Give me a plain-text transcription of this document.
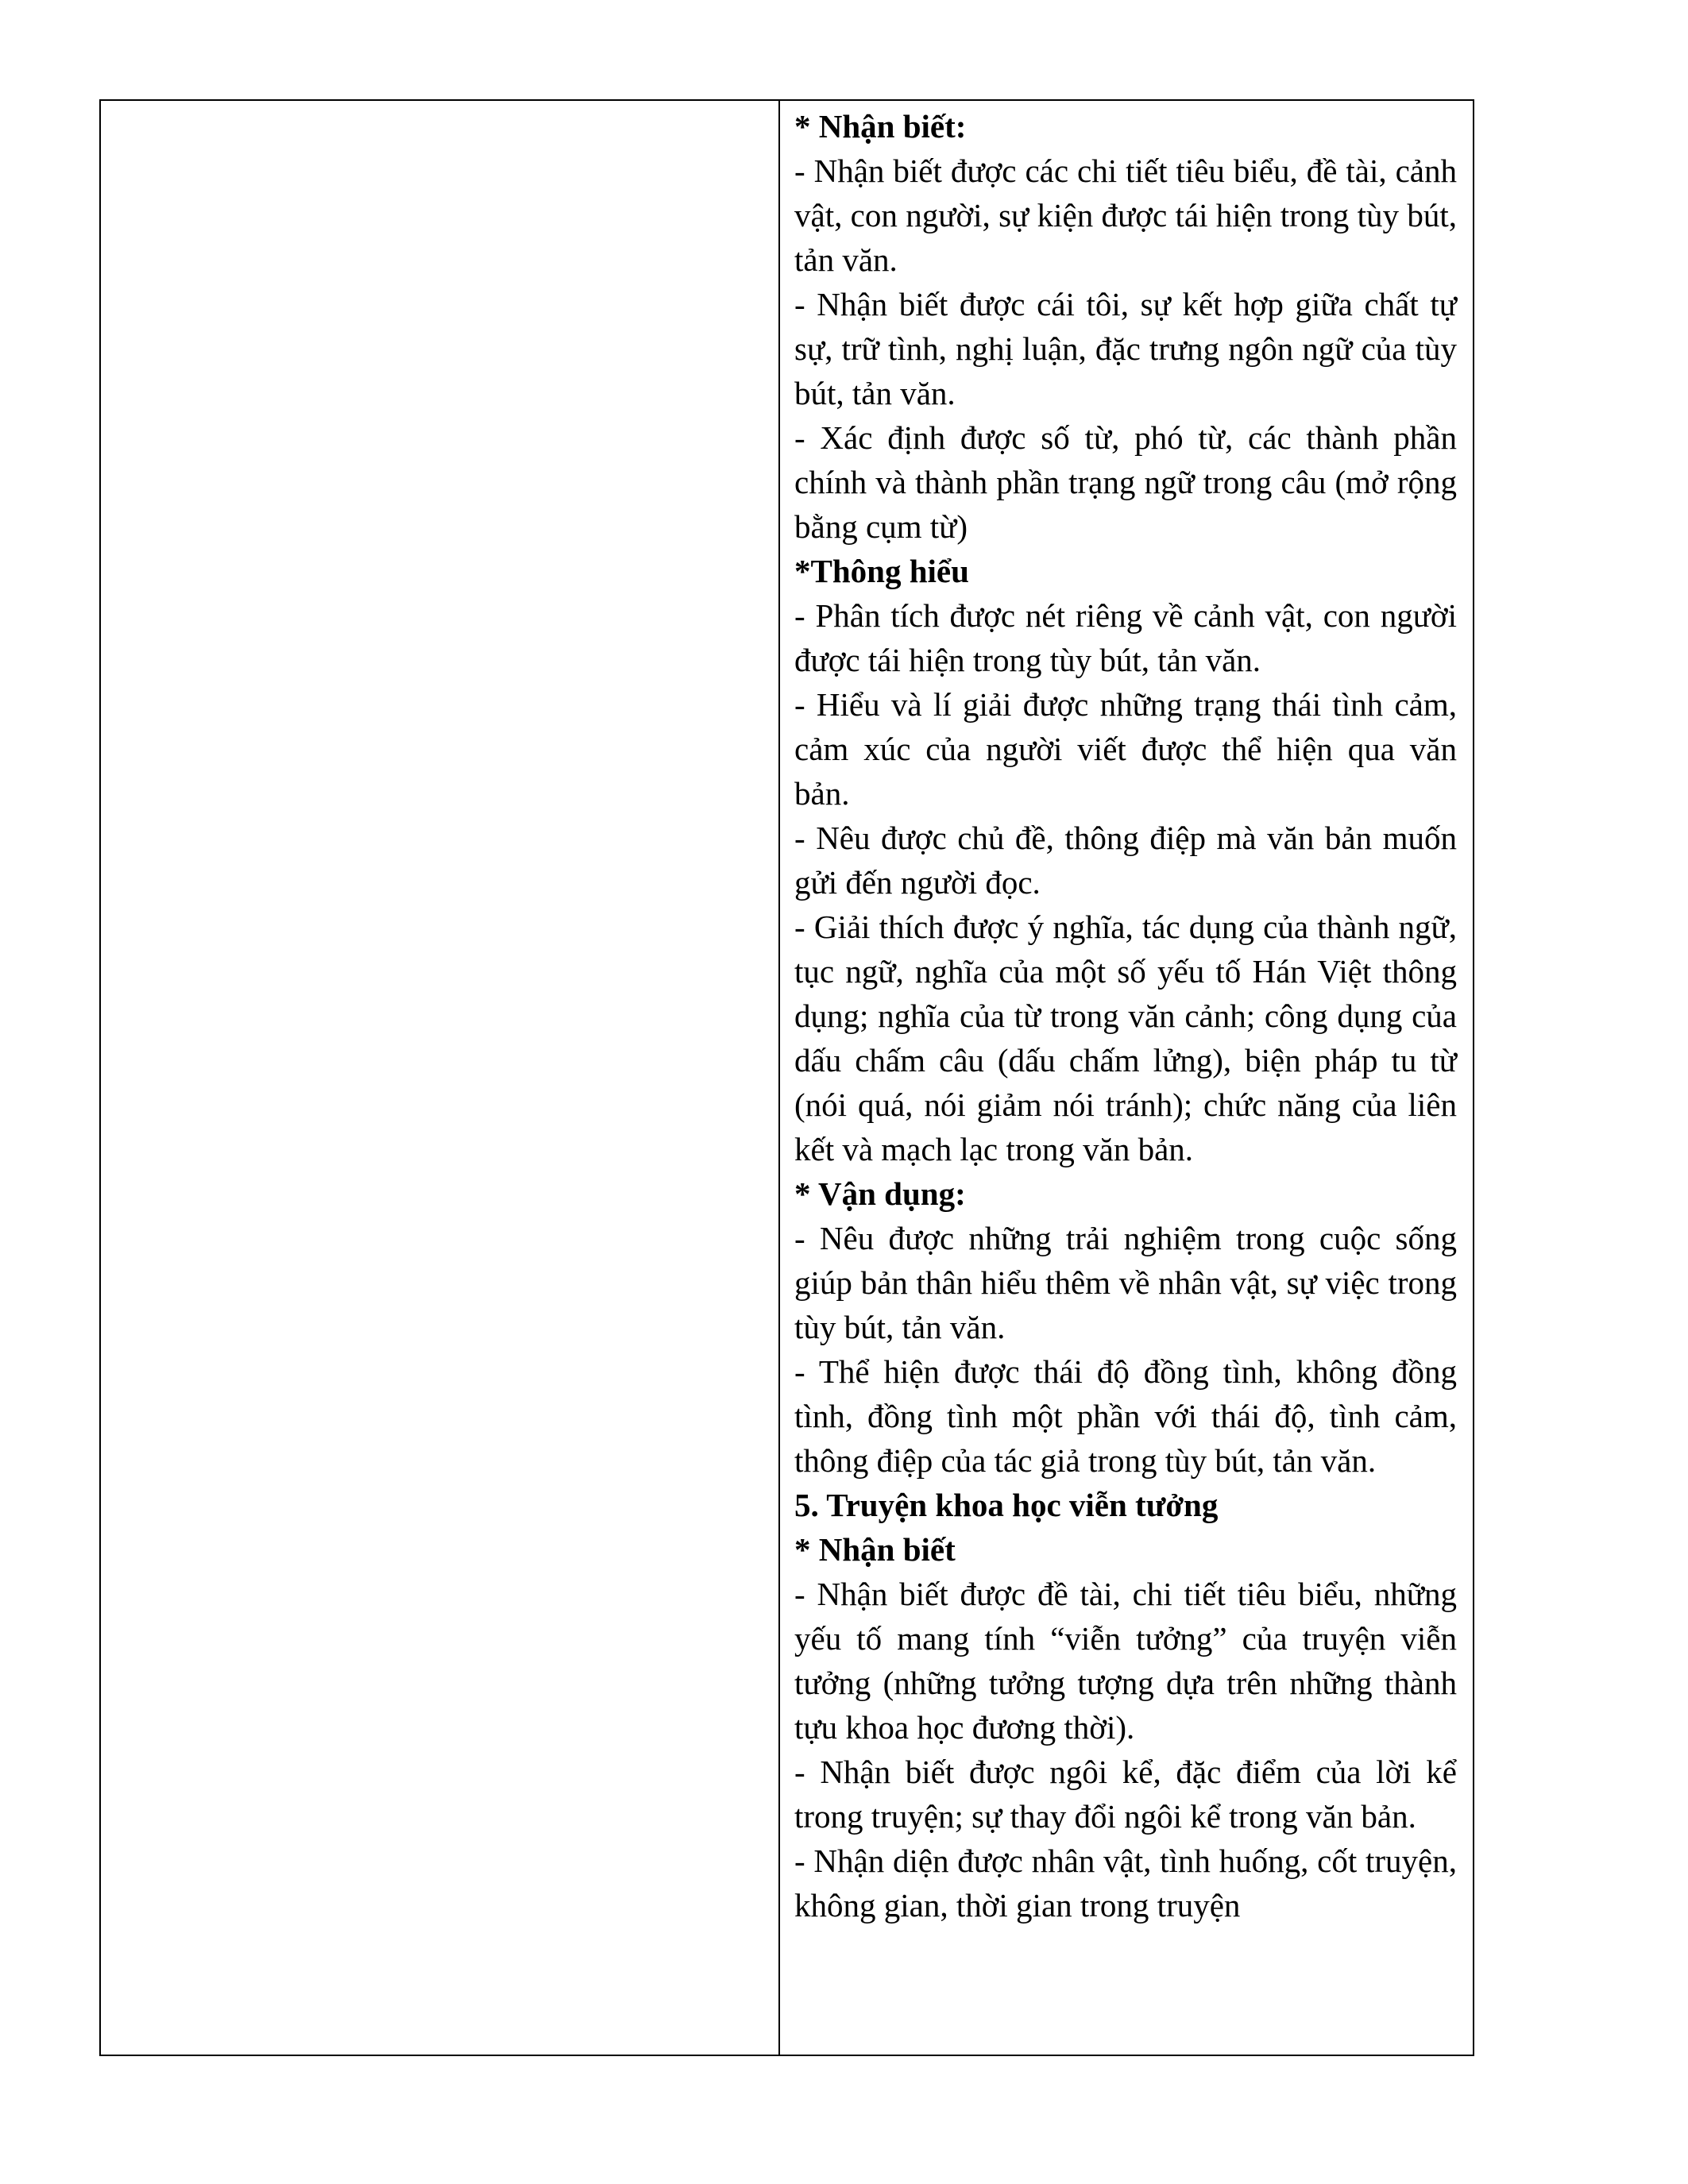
* Nhận biết:

- Nhận biết được các chi tiết tiêu biểu, đề tài, cảnh vật, con người, sự kiện được tái hiện trong tùy bút, tản văn.

- Nhận biết được cái tôi, sự kết hợp giữa chất tự sự, trữ tình, nghị luận, đặc trưng ngôn ngữ của tùy bút, tản văn.

- Xác định được số từ, phó từ, các thành phần chính và thành phần trạng ngữ trong câu (mở rộng bằng cụm từ)

*Thông hiểu

- Phân tích được nét riêng về cảnh vật, con người được tái hiện trong tùy bút, tản văn.

- Hiểu và lí giải được những trạng thái tình cảm, cảm xúc của người viết được thể hiện qua văn bản.

- Nêu được chủ đề, thông điệp mà văn bản muốn gửi đến người đọc.

- Giải thích được ý nghĩa, tác dụng của thành ngữ, tục ngữ, nghĩa của một số yếu tố Hán Việt thông dụng; nghĩa của từ trong văn cảnh; công dụng của dấu chấm câu (dấu chấm lửng), biện pháp tu từ (nói quá, nói giảm nói tránh); chức năng của liên kết và mạch lạc trong văn bản.

* Vận dụng:

- Nêu được những trải nghiệm trong cuộc sống giúp bản thân hiểu thêm về nhân vật, sự việc trong tùy bút, tản văn.

- Thể hiện được thái độ đồng tình, không đồng tình, đồng tình một phần với thái độ, tình cảm, thông điệp của tác giả trong tùy bút, tản văn.

5. Truyện khoa học viễn tưởng

* Nhận biết

- Nhận biết được đề tài, chi tiết tiêu biểu, những yếu tố mang tính “viễn tưởng” của truyện viễn tưởng (những tưởng tượng dựa trên những thành tựu khoa học đương thời).

- Nhận biết được ngôi kể, đặc điểm của lời kể trong truyện; sự thay đổi ngôi kể trong văn bản.

- Nhận diện được nhân vật, tình huống, cốt truyện, không gian, thời gian trong truyện
